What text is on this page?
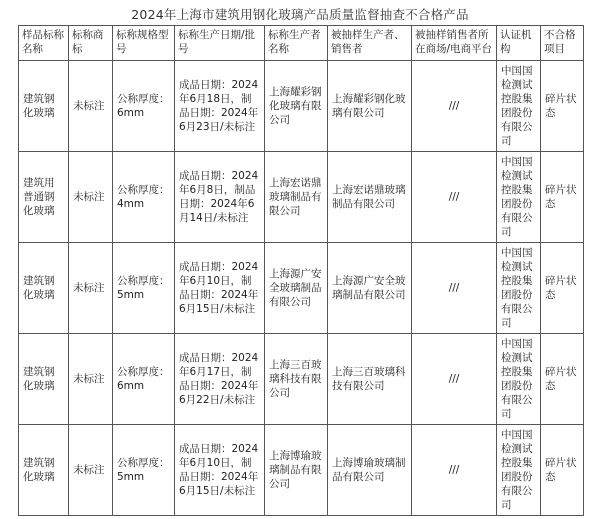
2024年上海市建筑用钢化玻璃产品质量监督抽查不合格产品
样品标称名称	标称商标	标称规格型号	标称生产日期/批号	标称生产者名称	被抽样生产者、销售者	被抽样销售者所在商场/电商平台	认证机构	不合格项目
建筑钢化玻璃	未标注	公称厚度：6mm	成品日期：2024年6月18日，制品日期：2024年6月23日/未标注	上海耀彩钢化玻璃有限公司	上海耀彩钢化玻璃有限公司	///	中国国检测试控股集团股份有限公司	碎片状态
建筑用普通钢化玻璃	未标注	公称厚度：4mm	成品日期：2024年6月8日，制品日期：2024年6月14日/未标注	上海宏诺鼎玻璃制品有限公司	上海宏诺鼎玻璃制品有限公司	///	中国国检测试控股集团股份有限公司	碎片状态
建筑钢化玻璃	未标注	公称厚度：5mm	成品日期：2024年6月10日，制品日期：2024年6月15日/未标注	上海源广安全玻璃制品有限公司	上海源广安全玻璃制品有限公司	///	中国国检测试控股集团股份有限公司	碎片状态
建筑钢化玻璃	未标注	公称厚度：6mm	成品日期：2024年6月17日，制品日期：2024年6月22日/未标注	上海三百玻璃科技有限公司	上海三百玻璃科技有限公司	///	中国国检测试控股集团股份有限公司	碎片状态
建筑钢化玻璃	未标注	公称厚度：5mm	成品日期：2024年6月10日，制品日期：2024年6月15日/未标注	上海博瑜玻璃制品有限公司	上海博瑜玻璃制品有限公司	///	中国国检测试控股集团股份有限公司	碎片状态
